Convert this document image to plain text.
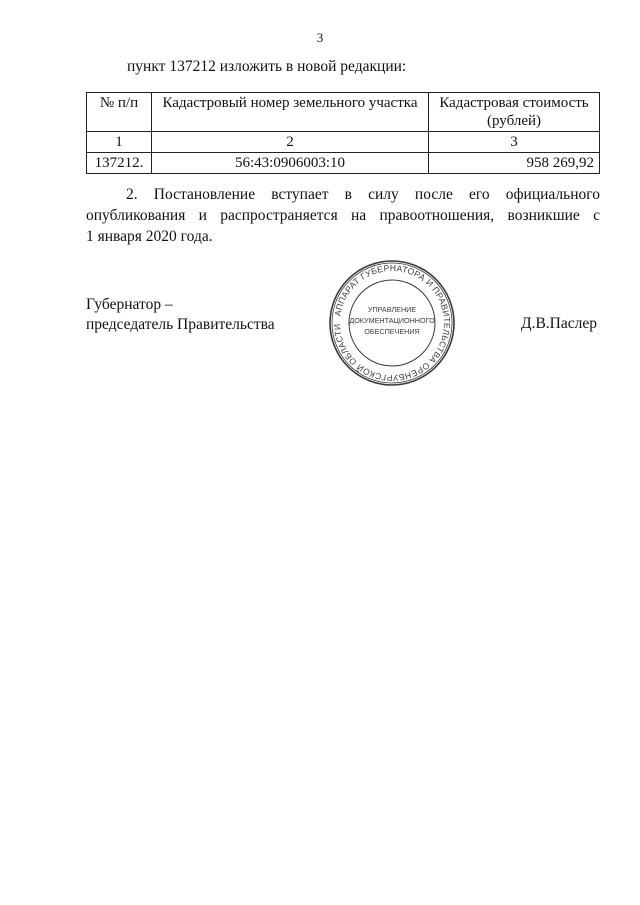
3
пункт 137212 изложить в новой редакции:
№ п/п	Кадастровый номер земельного участка	Кадастровая стоимость (рублей)
1	2	3
137212.	56:43:0906003:10	958 269,92
2. Постановление вступает в силу после его официального
опубликования и распространяется на правоотношения, возникшие с
1 января 2020 года.
Губернатор –
председатель Правительства
АППАРАТ ГУБЕРНАТОРА И ПРАВИТЕЛЬСТВА ОРЕНБУРГСКОЙ ОБЛАСТИ
УПРАВЛЕНИЕ
ДОКУМЕНТАЦИОННОГО
ОБЕСПЕЧЕНИЯ	Д.В.Паслер
